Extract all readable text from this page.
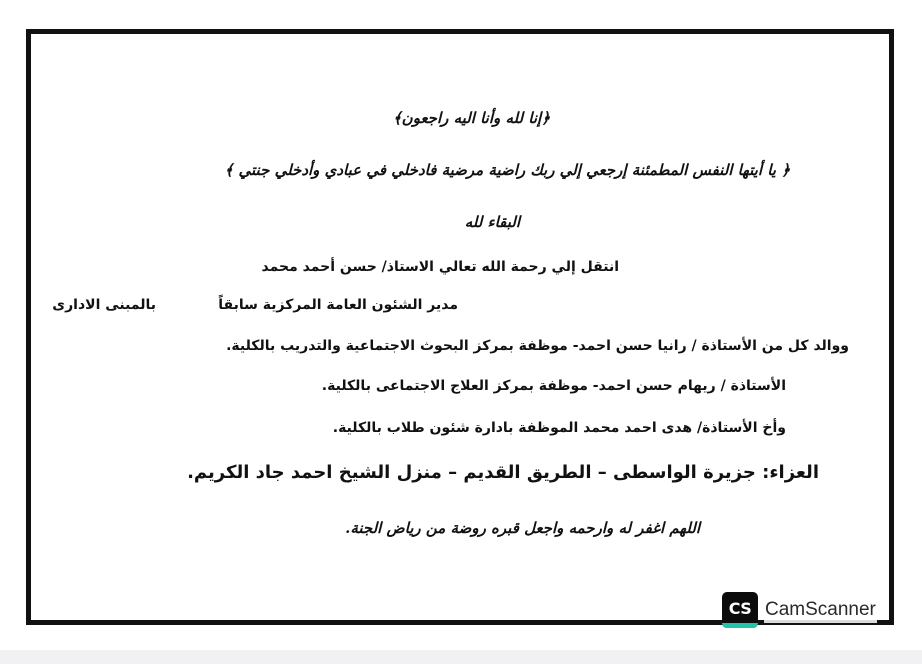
﴿إنا لله وأنا اليه راجعون﴾
﴿ يا أيتها النفس المطمئنة إرجعي إلي ربك راضية مرضية فادخلي في عبادي وأدخلي جنتي ﴾
البقاء لله
انتقل إلي رحمة الله تعالي الاستاذ/ حسن أحمد محمد
مدير الشئون العامة المركزية سابقاً
بالمبنى الادارى
ووالد كل من الأستاذة / رانيا حسن احمد- موظفة بمركز البحوث الاجتماعية والتدريب بالكلية.
الأستاذة / ريهام حسن احمد- موظفة بمركز العلاج الاجتماعى بالكلية.
وأخ الأستاذة/ هدى احمد محمد الموظفة بادارة شئون طلاب بالكلية.
العزاء: جزيرة الواسطى – الطريق القديم – منزل الشيخ احمد جاد الكريم.
اللهم اغفر له وارحمه واجعل قبره روضة من رياض الجنة.
CS CamScanner
